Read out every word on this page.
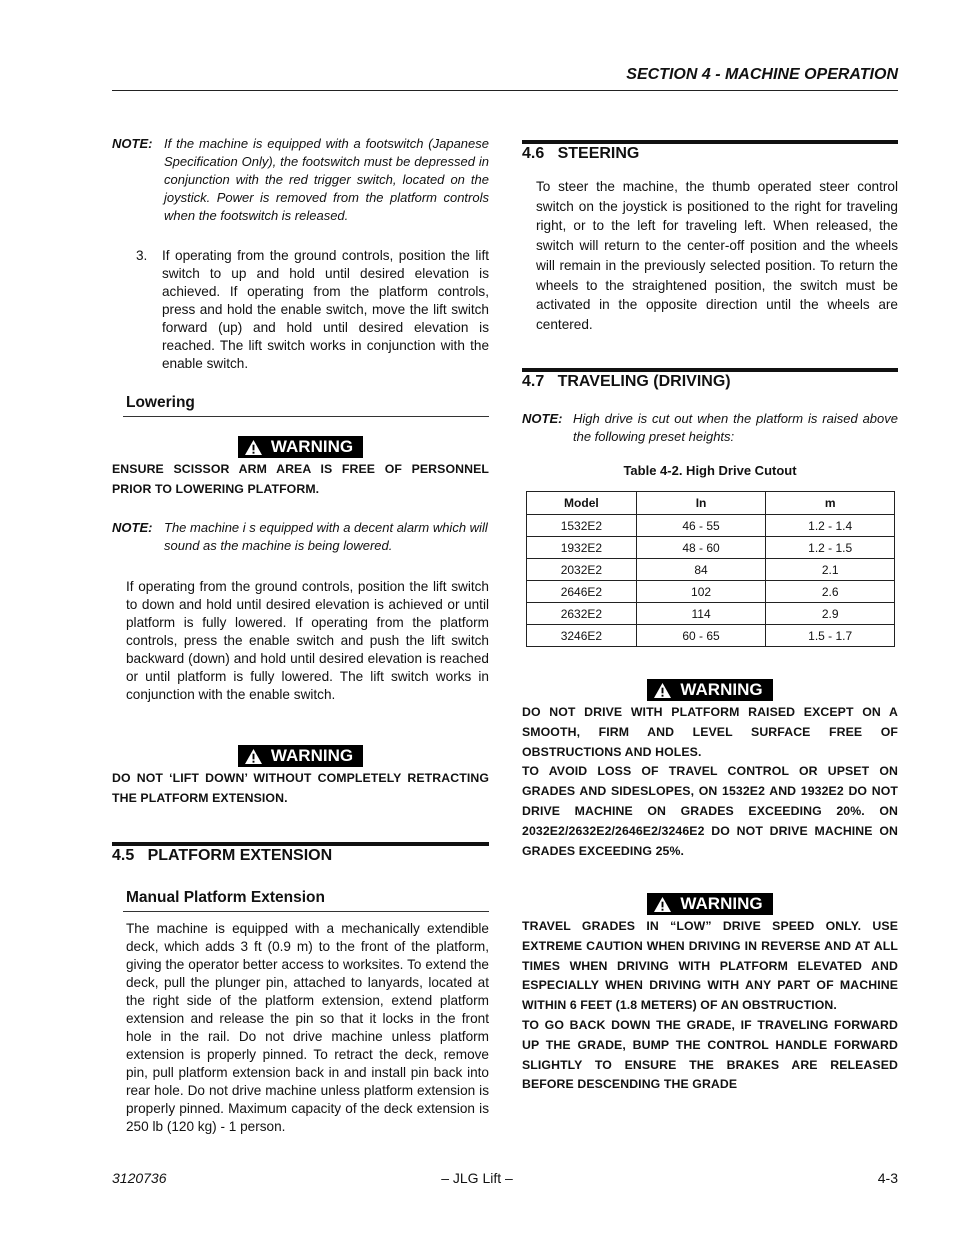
SECTION 4 - MACHINE OPERATION
NOTE: If the machine is equipped with a footswitch (Japanese Specification Only), the footswitch must be depressed in conjunction with the red trigger switch, located on the joystick. Power is removed from the platform controls when the footswitch is released.
3. If operating from the ground controls, position the lift switch to up and hold until desired elevation is achieved. If operating from the platform controls, press and hold the enable switch, move the lift switch forward (up) and hold until desired elevation is reached. The lift switch works in conjunction with the enable switch.
Lowering
WARNING
ENSURE SCISSOR ARM AREA IS FREE OF PERSONNEL PRIOR TO LOWERING PLATFORM.
NOTE: The machine i s equipped with a decent alarm which will sound as the machine is being lowered.
If operating from the ground controls, position the lift switch to down and hold until desired elevation is achieved or until platform is fully lowered. If operating from the platform controls, press the enable switch and push the lift switch backward (down) and hold until desired elevation is reached or until platform is fully lowered. The lift switch works in conjunction with the enable switch.
WARNING
DO NOT ‘LIFT DOWN’ WITHOUT COMPLETELY RETRACTING THE PLATFORM EXTENSION.
4.5   PLATFORM EXTENSION
Manual Platform Extension
The machine is equipped with a mechanically extendible deck, which adds 3 ft (0.9 m) to the front of the platform, giving the operator better access to worksites. To extend the deck, pull the plunger pin, attached to lanyards, located at the right side of the platform extension, extend platform extension and release the pin so that it locks in the front hole in the rail. Do not drive machine unless platform extension is properly pinned. To retract the deck, remove pin, pull platform extension back in and install pin back into rear hole. Do not drive machine unless platform extension is properly pinned. Maximum capacity of the deck extension is 250 lb (120 kg) - 1 person.
4.6   STEERING
To steer the machine, the thumb operated steer control switch on the joystick is positioned to the right for traveling right, or to the left for traveling left. When released, the switch will return to the center-off position and the wheels will remain in the previously selected position. To return the wheels to the straightened position, the switch must be activated in the opposite direction until the wheels are centered.
4.7   TRAVELING (DRIVING)
NOTE: High drive is cut out when the platform is raised above the following preset heights:
Table 4-2. High Drive Cutout
Model	In	m
1532E2	46 - 55	1.2 - 1.4
1932E2	48 - 60	1.2 - 1.5
2032E2	84	2.1
2646E2	102	2.6
2632E2	114	2.9
3246E2	60 - 65	1.5 - 1.7
WARNING
DO NOT DRIVE WITH PLATFORM RAISED EXCEPT ON A SMOOTH, FIRM AND LEVEL SURFACE FREE OF OBSTRUCTIONS AND HOLES.
TO AVOID LOSS OF TRAVEL CONTROL OR UPSET ON GRADES AND SIDESLOPES, ON 1532E2 AND 1932E2 DO NOT DRIVE MACHINE ON GRADES EXCEEDING 20%. ON 2032E2/2632E2/2646E2/3246E2 DO NOT DRIVE MACHINE ON GRADES EXCEEDING 25%.
WARNING
TRAVEL GRADES IN “LOW” DRIVE SPEED ONLY. USE EXTREME CAUTION WHEN DRIVING IN REVERSE AND AT ALL TIMES WHEN DRIVING WITH PLATFORM ELEVATED AND ESPECIALLY WHEN DRIVING WITH ANY PART OF MACHINE WITHIN 6 FEET (1.8 METERS) OF AN OBSTRUCTION.
TO GO BACK DOWN THE GRADE, IF TRAVELING FORWARD UP THE GRADE, BUMP THE CONTROL HANDLE FORWARD SLIGHTLY TO ENSURE THE BRAKES ARE RELEASED BEFORE DESCENDING THE GRADE
3120736	– JLG Lift –	4-3
